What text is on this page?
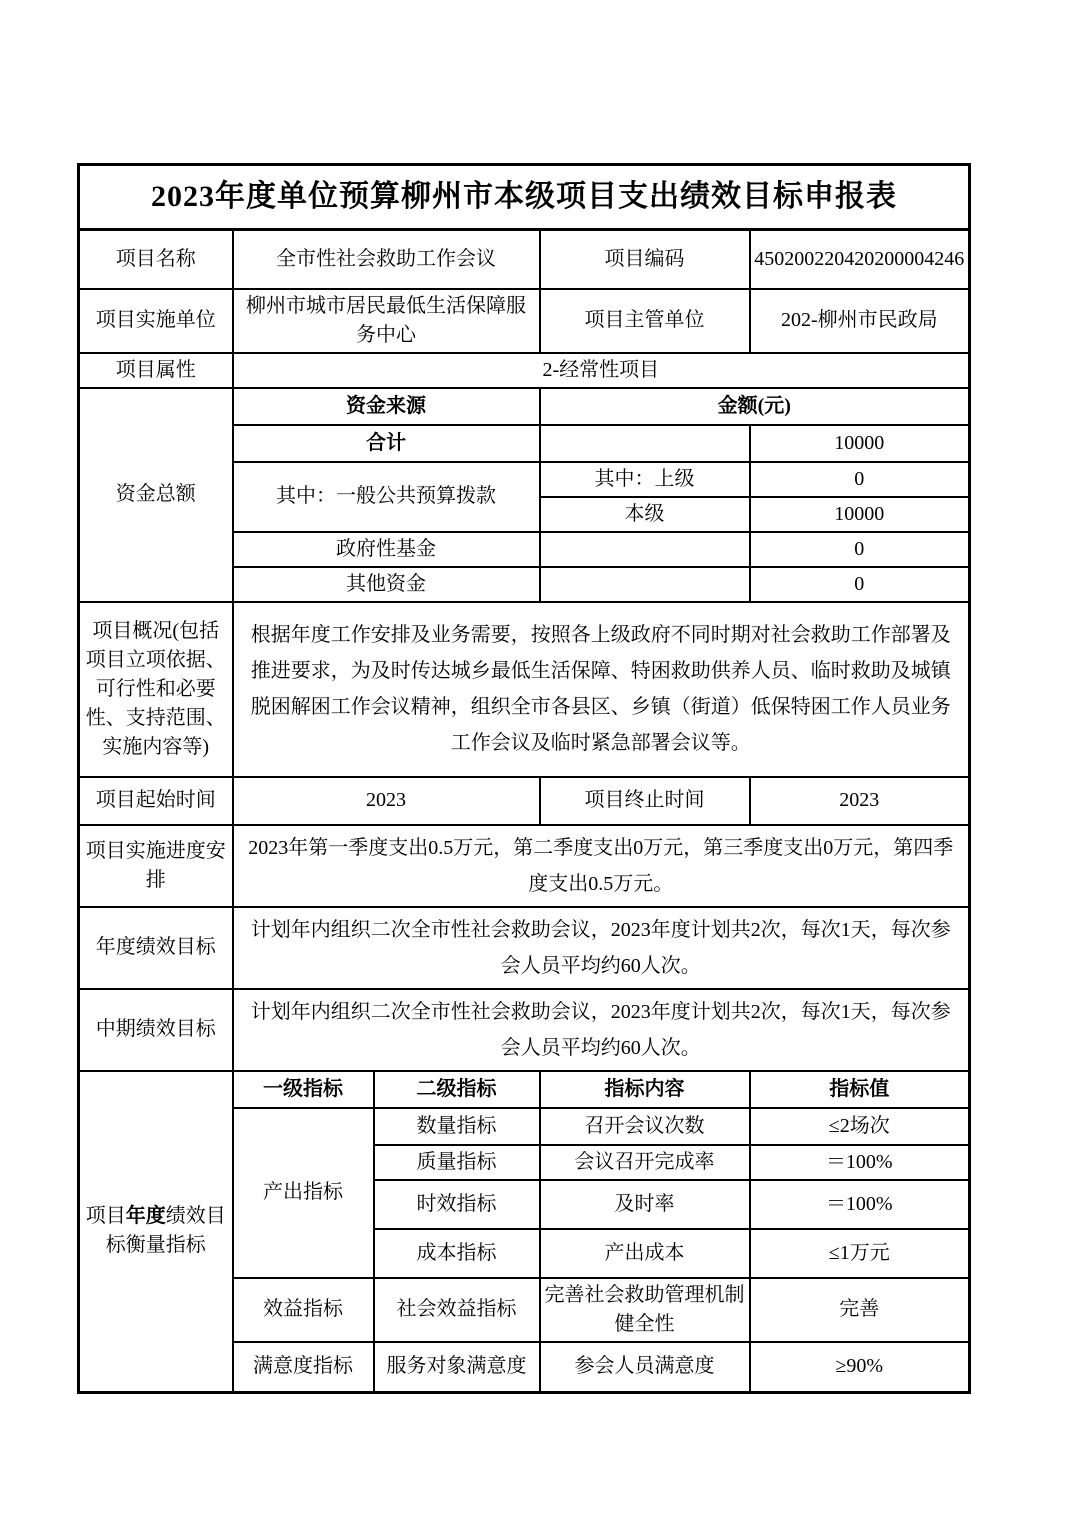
2023年度单位预算柳州市本级项目支出绩效目标申报表				
项目名称	全市性社会救助工作会议		项目编码	450200220420200004246
项目实施单位	柳州市城市居民最低生活保障服务中心		项目主管单位	202-柳州市民政局
项目属性	2-经常性项目			
资金总额	资金来源		金额(元)	
	合计			10000
	其中：一般公共预算拨款		其中：上级	0
			本级	10000
	政府性基金			0
	其他资金			0
项目概况(包括项目立项依据、可行性和必要性、支持范围、实施内容等)	根据年度工作安排及业务需要，按照各上级政府不同时期对社会救助工作部署及推进要求，为及时传达城乡最低生活保障、特困救助供养人员、临时救助及城镇脱困解困工作会议精神，组织全市各县区、乡镇（街道）低保特困工作人员业务工作会议及临时紧急部署会议等。			
项目起始时间	2023		项目终止时间	2023
项目实施进度安排	2023年第一季度支出0.5万元，第二季度支出0万元，第三季度支出0万元，第四季度支出0.5万元。			
年度绩效目标	计划年内组织二次全市性社会救助会议，2023年度计划共2次，每次1天，每次参会人员平均约60人次。			
中期绩效目标	计划年内组织二次全市性社会救助会议，2023年度计划共2次，每次1天，每次参会人员平均约60人次。			
项目年度绩效目标衡量指标	一级指标	二级指标	指标内容	指标值
	产出指标	数量指标	召开会议次数	≤2场次
		质量指标	会议召开完成率	＝100%
		时效指标	及时率	＝100%
		成本指标	产出成本	≤1万元
	效益指标	社会效益指标	完善社会救助管理机制健全性	完善
	满意度指标	服务对象满意度	参会人员满意度	≥90%
